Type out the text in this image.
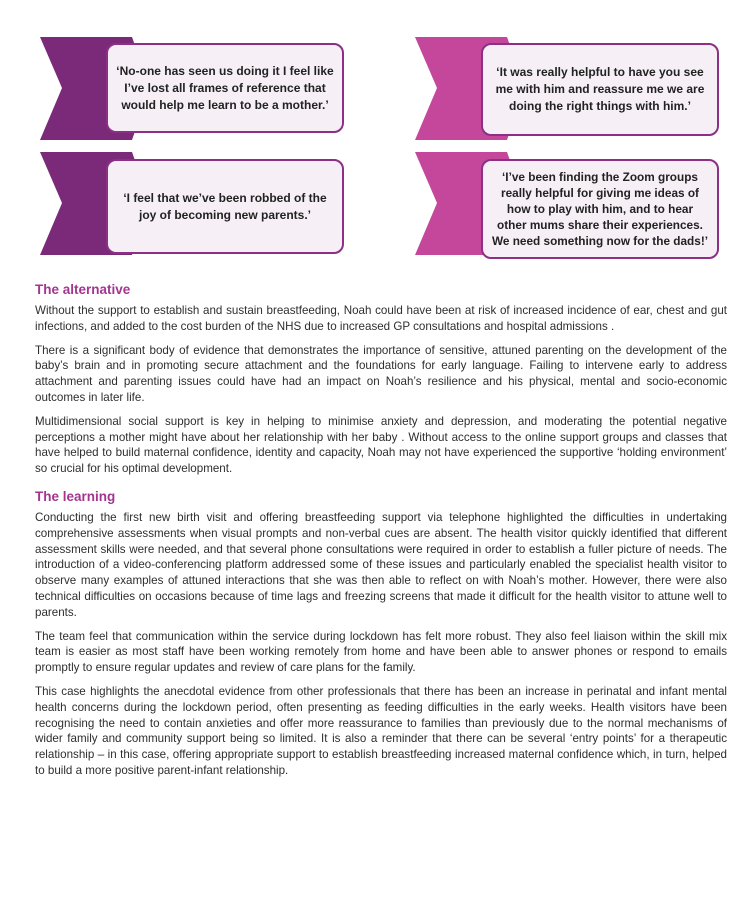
‘No-one has seen us doing it I feel like I’ve lost all frames of reference that would help me learn to be a mother.’
‘It was really helpful to have you see me with him and reassure me we are doing the right things with him.’
‘I feel that we’ve been robbed of the joy of becoming new parents.’
‘I’ve been finding the Zoom groups really helpful for giving me ideas of how to play with him, and to hear other mums share their experiences. We need something now for the dads!’
The alternative

Without the support to establish and sustain breastfeeding, Noah could have been at risk of increased incidence of ear, chest and gut infections, and added to the cost burden of the NHS due to increased GP consultations and hospital admissions .

There is a significant body of evidence that demonstrates the importance of sensitive, attuned parenting on the development of the baby’s brain and in promoting secure attachment and the foundations for early language. Failing to intervene early to address attachment and parenting issues could have had an impact on Noah’s resilience and his physical, mental and socio-economic outcomes in later life.

Multidimensional social support is key in helping to minimise anxiety and depression, and moderating the potential negative perceptions a mother might have about her relationship with her baby . Without access to the online support groups and classes that have helped to build maternal confidence, identity and capacity, Noah may not have experienced the supportive ‘holding environment’ so crucial for his optimal development.

The learning

Conducting the first new birth visit and offering breastfeeding support via telephone highlighted the difficulties in undertaking comprehensive assessments when visual prompts and non-verbal cues are absent. The health visitor quickly identified that different assessment skills were needed, and that several phone consultations were required in order to establish a fuller picture of needs. The introduction of a video-conferencing platform addressed some of these issues and particularly enabled the specialist health visitor to observe many examples of attuned interactions that she was then able to reflect on with Noah’s mother. However, there were also technical difficulties on occasions because of time lags and freezing screens that made it difficult for the health visitor to attune well to parents.

The team feel that communication within the service during lockdown has felt more robust. They also feel liaison within the skill mix team is easier as most staff have been working remotely from home and have been able to answer phones or respond to emails promptly to ensure regular updates and review of care plans for the family.

This case highlights the anecdotal evidence from other professionals that there has been an increase in perinatal and infant mental health concerns during the lockdown period, often presenting as feeding difficulties in the early weeks. Health visitors have been recognising the need to contain anxieties and offer more reassurance to families than previously due to the normal mechanisms of wider family and community support being so limited. It is also a reminder that there can be several ‘entry points’ for a therapeutic relationship – in this case, offering appropriate support to establish breastfeeding increased maternal confidence which, in turn, helped to build a more positive parent-infant relationship.
